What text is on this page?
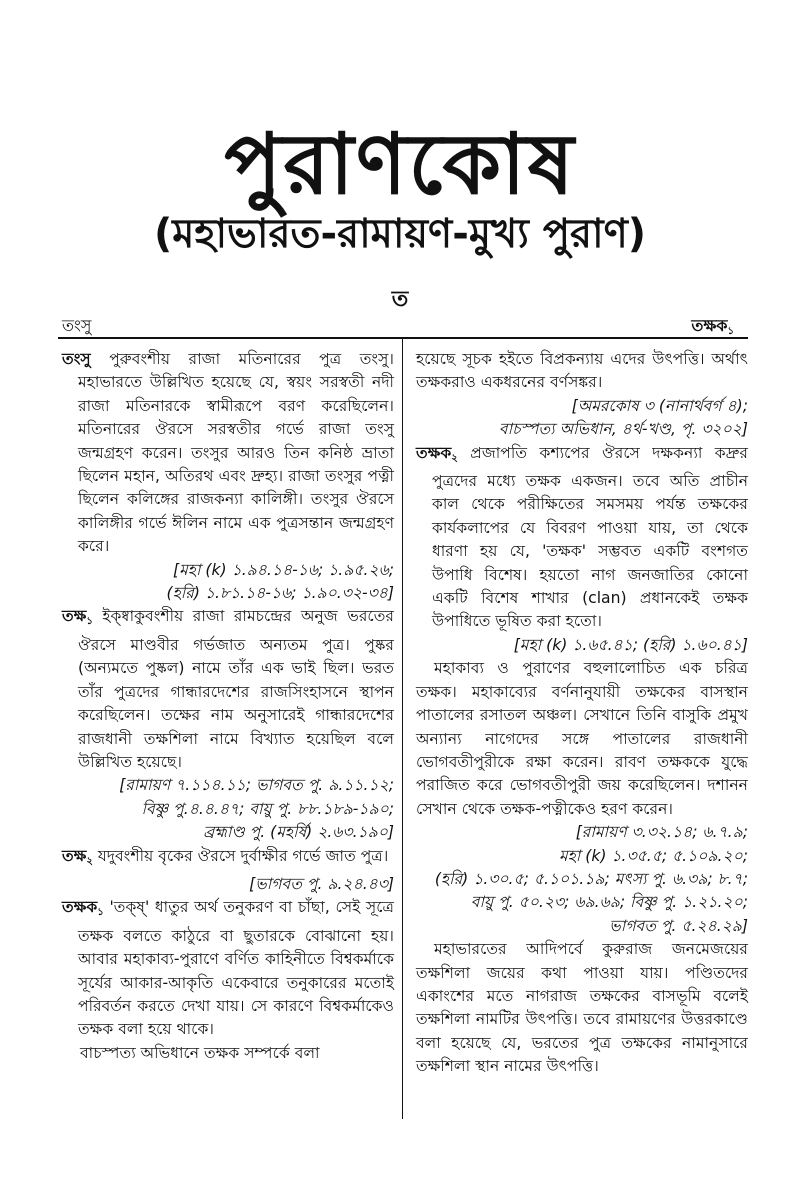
পুরাণকোষ
(মহাভারত-রামায়ণ-মুখ্য পুরাণ)
ত
তংসু	তক্ষক$_১$

তংসু পুরুবংশীয় রাজা মতিনারের পুত্র তংসু। মহাভারতে উল্লিখিত হয়েছে যে, স্বয়ং সরস্বতী নদী রাজা মতিনারকে স্বামীরূপে বরণ করেছিলেন। মতিনারের ঔরসে সরস্বতীর গর্ভে রাজা তংসু জন্মগ্রহণ করেন। তংসুর আরও তিন কনিষ্ঠ ভ্রাতা ছিলেন মহান, অতিরথ এবং দ্রুহ্য। রাজা তংসুর পত্নী ছিলেন কলিঙ্গের রাজকন্যা কালিঙ্গী। তংসুর ঔরসে কালিঙ্গীর গর্ভে ঈলিন নামে এক পুত্রসন্তান জন্মগ্রহণ করে।

[মহা (k) ১.৯৪.১৪-১৬; ১.৯৫.২৬;

(হরি) ১.৮১.১৪-১৬; ১.৯০.৩২-৩৪]

তক্ষ$_১$ ইক্ষ্বাকুবংশীয় রাজা রামচন্দ্রের অনুজ ভরতের ঔরসে মাণ্ডবীর গর্ভজাত অন্যতম পুত্র। পুষ্কর (অন্যমতে পুষ্কল) নামে তাঁর এক ভাই ছিল। ভরত তাঁর পুত্রদের গান্ধারদেশের রাজসিংহাসনে স্থাপন করেছিলেন। তক্ষের নাম অনুসারেই গান্ধারদেশের রাজধানী তক্ষশিলা নামে বিখ্যাত হয়েছিল বলে উল্লিখিত হয়েছে।

[রামায়ণ ৭.১১৪.১১; ভাগবত পু. ৯.১১.১২;

বিষ্ণু পু.৪.৪.৪৭; বায়ু পু. ৮৮.১৮৯-১৯০;

ব্রহ্মাণ্ড পু. (মহর্ষি) ২.৬৩.১৯০]

তক্ষ$_২$ যদুবংশীয় বৃকের ঔরসে দুর্বাক্ষীর গর্ভে জাত পুত্র।

[ভাগবত পু. ৯.২৪.৪৩]

তক্ষক$_১$ 'তক্ষ্' ধাতুর অর্থ তনুকরণ বা চাঁছা, সেই সূত্রে তক্ষক বলতে কাঠুরে বা ছুতারকে বোঝানো হয়। আবার মহাকাব্য-পুরাণে বর্ণিত কাহিনীতে বিশ্বকর্মাকে সূর্যের আকার-আকৃতি একেবারে তনুকারের মতোই পরিবর্তন করতে দেখা যায়। সে কারণে বিশ্বকর্মাকেও তক্ষক বলা হয়ে থাকে।

বাচস্পত্য অভিধানে তক্ষক সম্পর্কে বলা

হয়েছে সূচক হইতে বিপ্রকন্যায় এদের উৎপত্তি। অর্থাৎ তক্ষকরাও একধরনের বর্ণসঙ্কর।

[অমরকোষ ৩ (নানার্থবর্গ ৪);

বাচস্পত্য অভিধান, ৪র্থ-খণ্ড, পৃ. ৩২০২]

তক্ষক$_২$ প্রজাপতি কশ্যপের ঔরসে দক্ষকন্যা কদ্রুর পুত্রদের মধ্যে তক্ষক একজন। তবে অতি প্রাচীন কাল থেকে পরীক্ষিতের সমসময় পর্যন্ত তক্ষকের কার্যকলাপের যে বিবরণ পাওয়া যায়, তা থেকে ধারণা হয় যে, 'তক্ষক' সম্ভবত একটি বংশগত উপাধি বিশেষ। হয়তো নাগ জনজাতির কোনো একটি বিশেষ শাখার (clan) প্রধানকেই তক্ষক উপাধিতে ভূষিত করা হতো।

[মহা (k) ১.৬৫.৪১; (হরি) ১.৬০.৪১]

মহাকাব্য ও পুরাণের বহুলালোচিত এক চরিত্র তক্ষক। মহাকাব্যের বর্ণনানুযায়ী তক্ষকের বাসস্থান পাতালের রসাতল অঞ্চল। সেখানে তিনি বাসুকি প্রমুখ অন্যান্য নাগেদের সঙ্গে পাতালের রাজধানী ভোগবতীপুরীকে রক্ষা করেন। রাবণ তক্ষককে যুদ্ধে পরাজিত করে ভোগবতীপুরী জয় করেছিলেন। দশানন সেখান থেকে তক্ষক-পত্নীকেও হরণ করেন।

[রামায়ণ ৩.৩২.১৪; ৬.৭.৯;

মহা (k) ১.৩৫.৫; ৫.১০৯.২০;

(হরি) ১.৩০.৫; ৫.১০১.১৯; মৎস্য পু. ৬.৩৯; ৮.৭;

বায়ু পু. ৫০.২৩; ৬৯.৬৯; বিষ্ণু পু. ১.২১.২০;

ভাগবত পু. ৫.২৪.২৯]

মহাভারতের আদিপর্বে কুরুরাজ জনমেজয়ের তক্ষশিলা জয়ের কথা পাওয়া যায়। পণ্ডিতদের একাংশের মতে নাগরাজ তক্ষকের বাসভূমি বলেই তক্ষশিলা নামটির উৎপত্তি। তবে রামায়ণের উত্তরকাণ্ডে বলা হয়েছে যে, ভরতের পুত্র তক্ষকের নামানুসারে তক্ষশিলা স্থান নামের উৎপত্তি।
